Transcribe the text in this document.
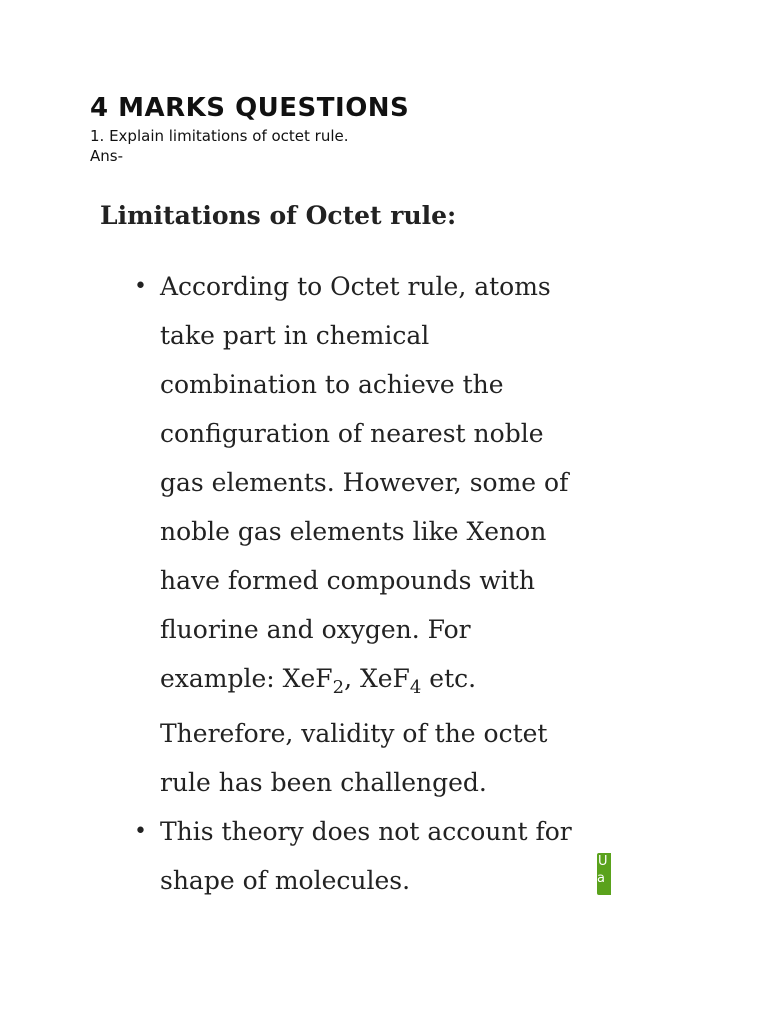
4 MARKS QUESTIONS

1. Explain limitations of octet rule.

Ans-

Limitations of Octet rule:
• According to Octet rule, atoms
take part in chemical
combination to achieve the
configuration of nearest noble
gas elements. However, some of
noble gas elements like Xenon
have formed compounds with
fluorine and oxygen. For
example: XeF$_2$, XeF$_4$ etc.
Therefore, validity of the octet
rule has been challenged.
• This theory does not account for
shape of molecules.
U a
